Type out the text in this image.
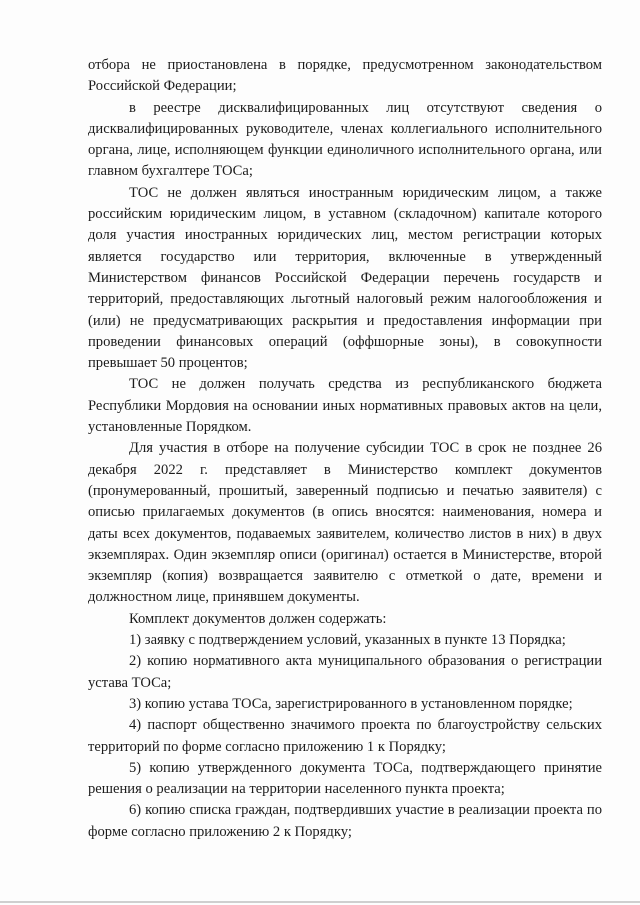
отбора не приостановлена в порядке, предусмотренном законодательством Российской Федерации;

в реестре дисквалифицированных лиц отсутствуют сведения о дисквалифицированных руководителе, членах коллегиального исполнительного органа, лице, исполняющем функции единоличного исполнительного органа, или главном бухгалтере ТОСа;

ТОС не должен являться иностранным юридическим лицом, а также российским юридическим лицом, в уставном (складочном) капитале которого доля участия иностранных юридических лиц, местом регистрации которых является государство или территория, включенные в утвержденный Министерством финансов Российской Федерации перечень государств и территорий, предоставляющих льготный налоговый режим налогообложения и (или) не предусматривающих раскрытия и предоставления информации при проведении финансовых операций (оффшорные зоны), в совокупности превышает 50 процентов;

ТОС не должен получать средства из республиканского бюджета Республики Мордовия на основании иных нормативных правовых актов на цели, установленные Порядком.

Для участия в отборе на получение субсидии ТОС в срок не позднее 26 декабря 2022 г. представляет в Министерство комплект документов (пронумерованный, прошитый, заверенный подписью и печатью заявителя) с описью прилагаемых документов (в опись вносятся: наименования, номера и даты всех документов, подаваемых заявителем, количество листов в них) в двух экземплярах. Один экземпляр описи (оригинал) остается в Министерстве, второй экземпляр (копия) возвращается заявителю с отметкой о дате, времени и должностном лице, принявшем документы.

Комплект документов должен содержать:

1) заявку с подтверждением условий, указанных в пункте 13 Порядка;

2) копию нормативного акта муниципального образования о регистрации устава ТОСа;

3) копию устава ТОСа, зарегистрированного в установленном порядке;

4) паспорт общественно значимого проекта по благоустройству сельских территорий по форме согласно приложению 1 к Порядку;

5) копию утвержденного документа ТОСа, подтверждающего принятие решения о реализации на территории населенного пункта проекта;

6) копию списка граждан, подтвердивших участие в реализации проекта по форме согласно приложению 2 к Порядку;
